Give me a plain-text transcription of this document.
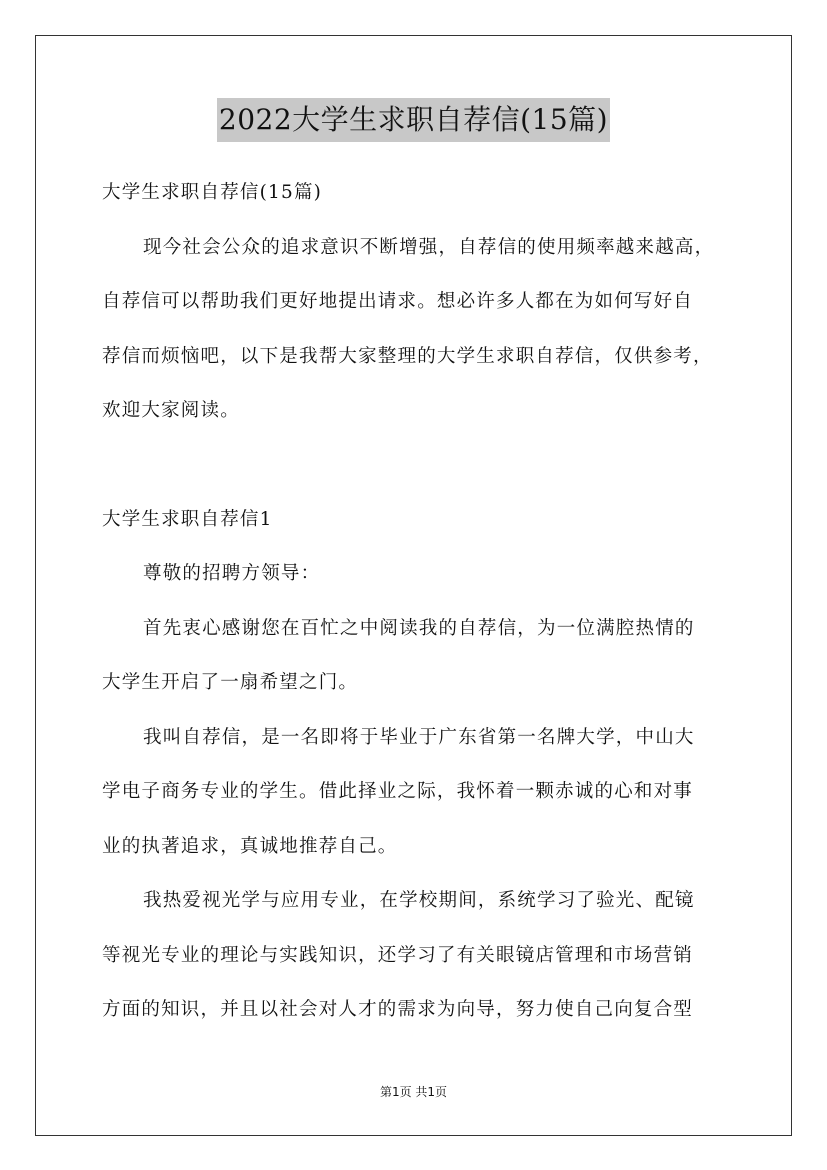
2022大学生求职自荐信(15篇)
大学生求职自荐信(15篇)
现今社会公众的追求意识不断增强，自荐信的使用频率越来越高，
自荐信可以帮助我们更好地提出请求。想必许多人都在为如何写好自
荐信而烦恼吧，以下是我帮大家整理的大学生求职自荐信，仅供参考，
欢迎大家阅读。
大学生求职自荐信1
尊敬的招聘方领导：
首先衷心感谢您在百忙之中阅读我的自荐信，为一位满腔热情的
大学生开启了一扇希望之门。
我叫自荐信，是一名即将于毕业于广东省第一名牌大学，中山大
学电子商务专业的学生。借此择业之际，我怀着一颗赤诚的心和对事
业的执著追求，真诚地推荐自己。
我热爱视光学与应用专业，在学校期间，系统学习了验光、配镜
等视光专业的理论与实践知识，还学习了有关眼镜店管理和市场营销
方面的知识，并且以社会对人才的需求为向导，努力使自己向复合型
第1页 共1页
